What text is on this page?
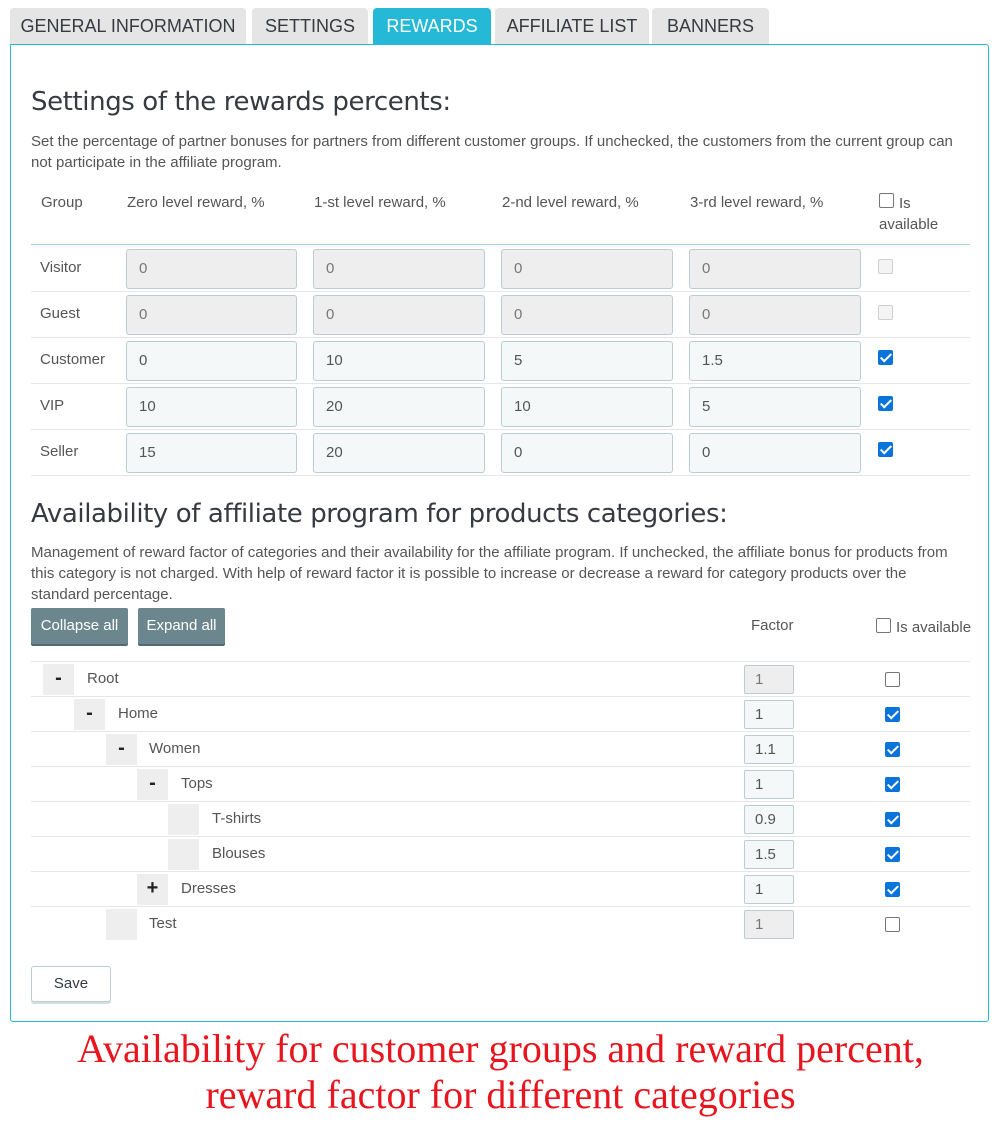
GENERAL INFORMATION	SETTINGS	REWARDS	AFFILIATE LIST	BANNERS
Settings of the rewards percents:
Set the percentage of partner bonuses for partners from different customer groups. If unchecked, the customers from the current group can not participate in the affiliate program.
Group	Zero level reward, %	1-st level reward, %	2-nd level reward, %	3-rd level reward, %	Is available
Visitor	0	0	0	0
Guest	0	0	0	0
Customer	0	10	5	1.5
VIP	10	20	10	5
Seller	15	20	0	0
Availability of affiliate program for products categories:
Management of reward factor of categories and their availability for the affiliate program. If unchecked, the affiliate bonus for products from this category is not charged. With help of reward factor it is possible to increase or decrease a reward for category products over the standard percentage.
Collapse all	Expand all	Factor	Is available
-	Root	1
-	Home	1
-	Women	1.1
-	Tops	1
T-shirts	0.9
Blouses	1.5
+	Dresses	1
Test	1
Save
Availability for customer groups and reward percent,
reward factor for different categories
